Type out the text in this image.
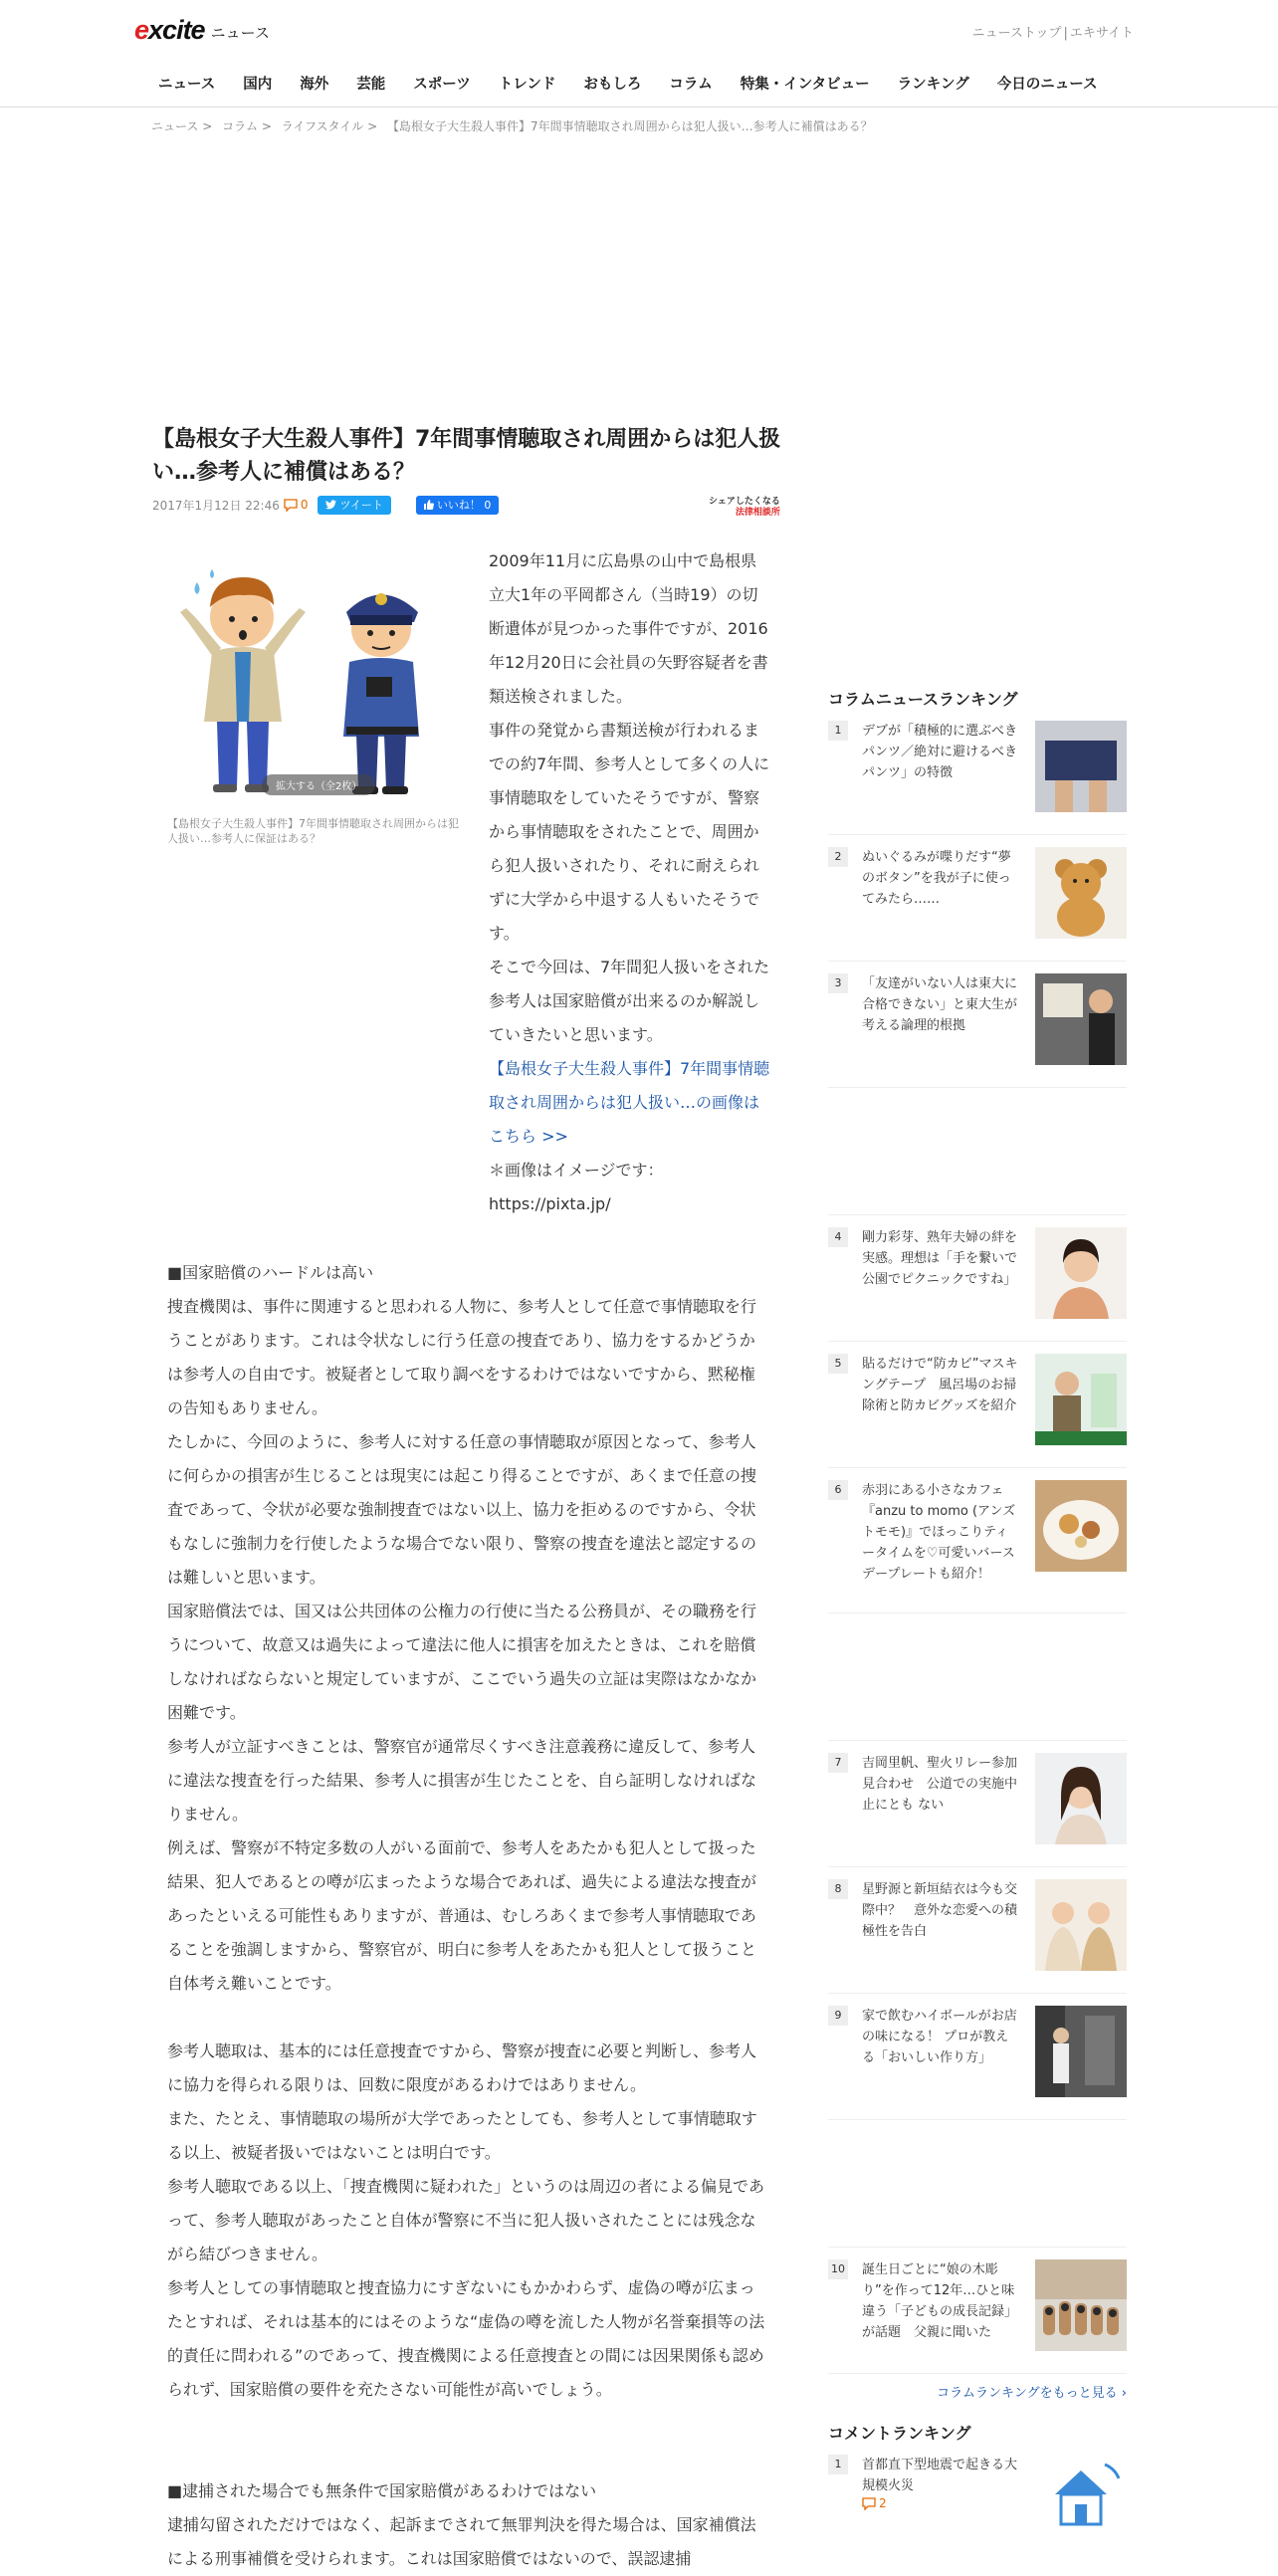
excite ニュース	ニューストップ | エキサイト
ニュース	国内	海外	芸能	スポーツ	トレンド	おもしろ	コラム	特集・インタビュー	ランキング	今日のニュース
ニュース > コラム > ライフスタイル > 【島根女子大生殺人事件】7年間事情聴取され周囲からは犯人扱い…参考人に補償はある？
【島根女子大生殺人事件】7年間事情聴取され周囲からは犯人扱い…参考人に補償はある？
2017年1月12日 22:46 0	ツイート	いいね！ 0	シェアしたくなる
法律相談所
拡大する（全2枚）
【島根女子大生殺人事件】7年間事情聴取され周囲からは犯人扱い…参考人に保証はある？

2009年11月に広島県の山中で島根県立大1年の平岡都さん（当時19）の切断遺体が見つかった事件ですが、2016年12月20日に会社員の矢野容疑者を書類送検されました。

事件の発覚から書類送検が行われるまでの約7年間、参考人として多くの人に事情聴取をしていたそうですが、警察から事情聴取をされたことで、周囲から犯人扱いされたり、それに耐えられずに大学から中退する人もいたそうです。

そこで今回は、7年間犯人扱いをされた参考人は国家賠償が出来るのか解説していきたいと思います。

【島根女子大生殺人事件】7年間事情聴取され周囲からは犯人扱い…の画像はこちら >>

＊画像はイメージです：

https://pixta.jp/

■国家賠償のハードルは高い

捜査機関は、事件に関連すると思われる人物に、参考人として任意で事情聴取を行うことがあります。これは令状なしに行う任意の捜査であり、協力をするかどうかは参考人の自由です。被疑者として取り調べをするわけではないですから、黙秘権の告知もありません。

たしかに、今回のように、参考人に対する任意の事情聴取が原因となって、参考人に何らかの損害が生じることは現実には起こり得ることですが、あくまで任意の捜査であって、令状が必要な強制捜査ではない以上、協力を拒めるのですから、令状もなしに強制力を行使したような場合でない限り、警察の捜査を違法と認定するのは難しいと思います。

国家賠償法では、国又は公共団体の公権力の行使に当たる公務員が、その職務を行うについて、故意又は過失によって違法に他人に損害を加えたときは、これを賠償しなければならないと規定していますが、ここでいう過失の立証は実際はなかなか困難です。

参考人が立証すべきことは、警察官が通常尽くすべき注意義務に違反して、参考人に違法な捜査を行った結果、参考人に損害が生じたことを、自ら証明しなければなりません。

例えば、警察が不特定多数の人がいる面前で、参考人をあたかも犯人として扱った結果、犯人であるとの噂が広まったような場合であれば、過失による違法な捜査があったといえる可能性もありますが、普通は、むしろあくまで参考人事情聴取であることを強調しますから、警察官が、明白に参考人をあたかも犯人として扱うこと自体考え難いことです。

参考人聴取は、基本的には任意捜査ですから、警察が捜査に必要と判断し、参考人に協力を得られる限りは、回数に限度があるわけではありません。

また、たとえ、事情聴取の場所が大学であったとしても、参考人として事情聴取する以上、被疑者扱いではないことは明白です。

参考人聴取である以上、「捜査機関に疑われた」というのは周辺の者による偏見であって、参考人聴取があったこと自体が警察に不当に犯人扱いされたことには残念ながら結びつきません。

参考人としての事情聴取と捜査協力にすぎないにもかかわらず、虚偽の噂が広まったとすれば、それは基本的にはそのような“虚偽の噂を流した人物が名誉棄損等の法的責任に問われる”のであって、捜査機関による任意捜査との間には因果関係も認められず、国家賠償の要件を充たさない可能性が高いでしょう。

■逮捕された場合でも無条件で国家賠償があるわけではない

逮捕勾留されただけではなく、起訴までされて無罪判決を得た場合は、国家補償法による刑事補償を受けられます。これは国家賠償ではないので、誤認逮捕

コラムニュースランキング
1	デブが「積極的に選ぶべきパンツ／絶対に避けるべきパンツ」の特徴
2	ぬいぐるみが喋りだす“夢のボタン”を我が子に使ってみたら……
3	「友達がいない人は東大に合格できない」と東大生が考える論理的根拠
4	剛力彩芽、熟年夫婦の絆を実感。理想は「手を繋いで公園でピクニックですね」
5	貼るだけで“防カビ”マスキングテープ　風呂場のお掃除術と防カビグッズを紹介
6	赤羽にある小さなカフェ『anzu to momo (アンズトモモ)』でほっこりティータイムを♡可愛いバースデープレートも紹介！
7	吉岡里帆、聖火リレー参加見合わせ　公道での実施中止にとも ない
8	星野源と新垣結衣は今も交際中？　意外な恋愛への積極性を告白
9	家で飲むハイボールがお店の味になる！ プロが教える「おいしい作り方」
10 誕生日ごとに“娘の木彫り”を作って12年…ひと味違う「子どもの成長記録」が話題　父親に聞いた
コラムランキングをもっと見る ›
コメントランキング
1	首都直下型地震で起きる大規模火災
2
